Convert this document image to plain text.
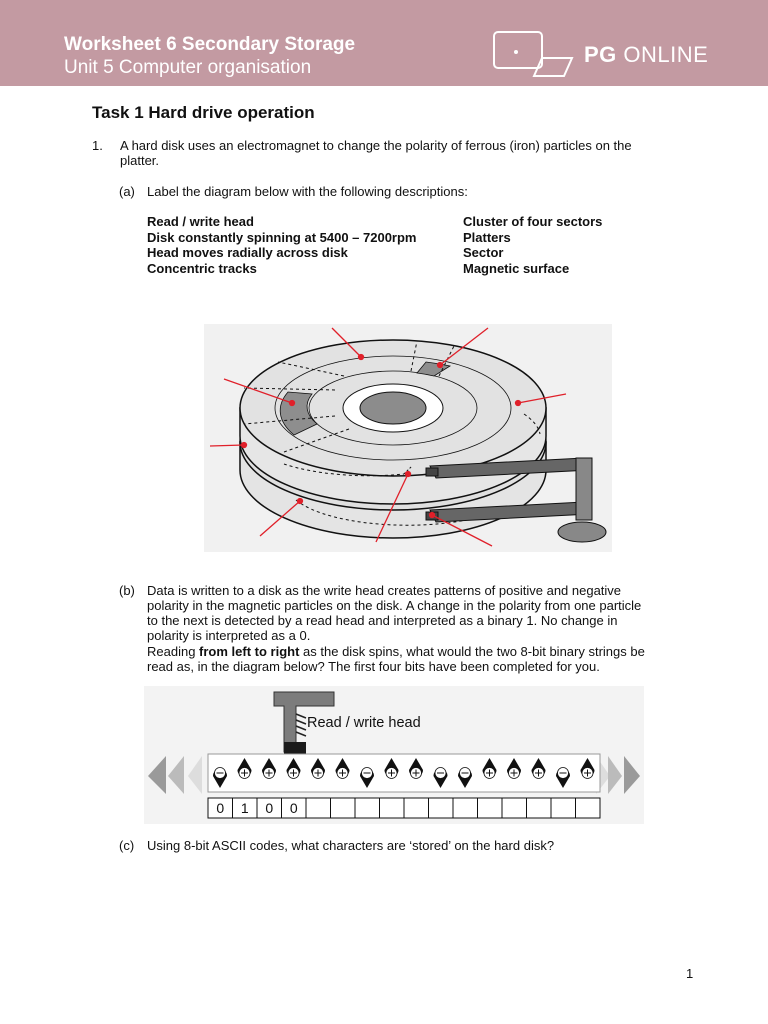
Worksheet 6 Secondary Storage
Unit 5 Computer organisation
PG ONLINE
Task 1 Hard drive operation
1. A hard disk uses an electromagnet to change the polarity of ferrous (iron) particles on the
platter.
(a) Label the diagram below with the following descriptions:
Read / write head
Disk constantly spinning at 5400 – 7200rpm
Head moves radially across disk
Concentric tracks
Cluster of four sectors
Platters
Sector
Magnetic surface
(b) Data is written to a disk as the write head creates patterns of positive and negative
polarity in the magnetic particles on the disk. A change in the polarity from one particle
to the next is detected by a read head and interpreted as a binary 1. No change in
polarity is interpreted as a 0.
Reading from left to right as the disk spins, what would the two 8-bit binary strings be
read as, in the diagram below? The first four bits have been completed for you.
Read / write head
0 1 0 0
(c) Using 8-bit ASCII codes, what characters are ‘stored’ on the hard disk?
1
